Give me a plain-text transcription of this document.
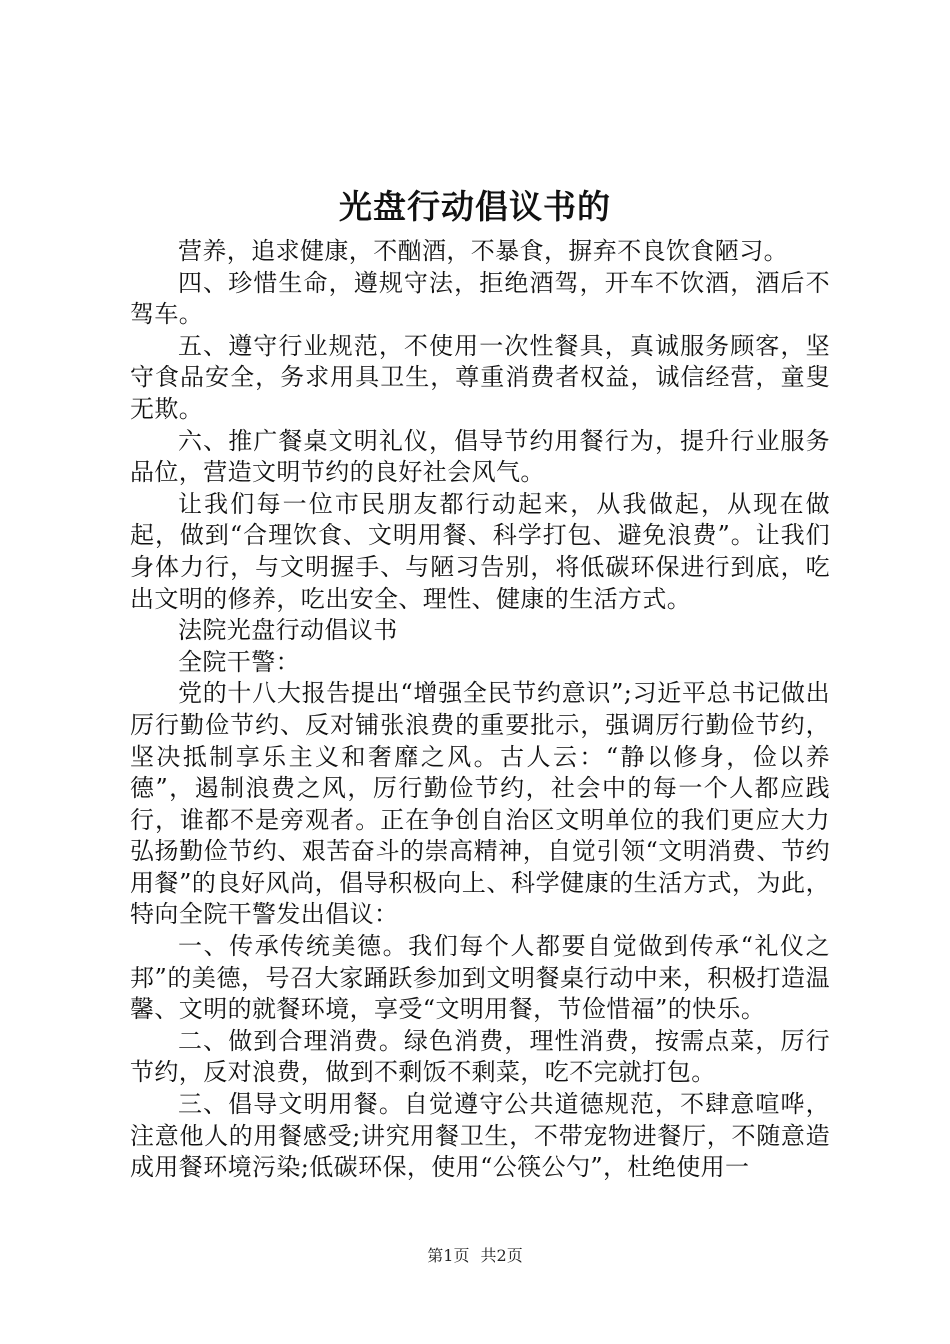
光盘行动倡议书的

营养，追求健康，不酗酒，不暴食，摒弃不良饮食陋习。

四、珍惜生命，遵规守法，拒绝酒驾，开车不饮酒，酒后不驾车。

五、遵守行业规范，不使用一次性餐具，真诚服务顾客，坚守食品安全，务求用具卫生，尊重消费者权益，诚信经营，童叟无欺。

六、推广餐桌文明礼仪，倡导节约用餐行为，提升行业服务品位，营造文明节约的良好社会风气。

让我们每一位市民朋友都行动起来，从我做起，从现在做起，做到“合理饮食、文明用餐、科学打包、避免浪费”。让我们身体力行，与文明握手、与陋习告别，将低碳环保进行到底，吃出文明的修养，吃出安全、理性、健康的生活方式。

法院光盘行动倡议书

全院干警：

党的十八大报告提出“增强全民节约意识”;习近平总书记做出厉行勤俭节约、反对铺张浪费的重要批示，强调厉行勤俭节约，坚决抵制享乐主义和奢靡之风。古人云：“静以修身，俭以养德”，遏制浪费之风，厉行勤俭节约，社会中的每一个人都应践行，谁都不是旁观者。正在争创自治区文明单位的我们更应大力弘扬勤俭节约、艰苦奋斗的崇高精神，自觉引领“文明消费、节约用餐”的良好风尚，倡导积极向上、科学健康的生活方式，为此，特向全院干警发出倡议：

一、传承传统美德。我们每个人都要自觉做到传承“礼仪之邦”的美德，号召大家踊跃参加到文明餐桌行动中来，积极打造温馨、文明的就餐环境，享受“文明用餐，节俭惜福”的快乐。

二、做到合理消费。绿色消费，理性消费，按需点菜，厉行节约，反对浪费，做到不剩饭不剩菜，吃不完就打包。

三、倡导文明用餐。自觉遵守公共道德规范，不肆意喧哗，注意他人的用餐感受;讲究用餐卫生，不带宠物进餐厅，不随意造成用餐环境污染;低碳环保，使用“公筷公勺”，杜绝使用一

第1页 共2页
